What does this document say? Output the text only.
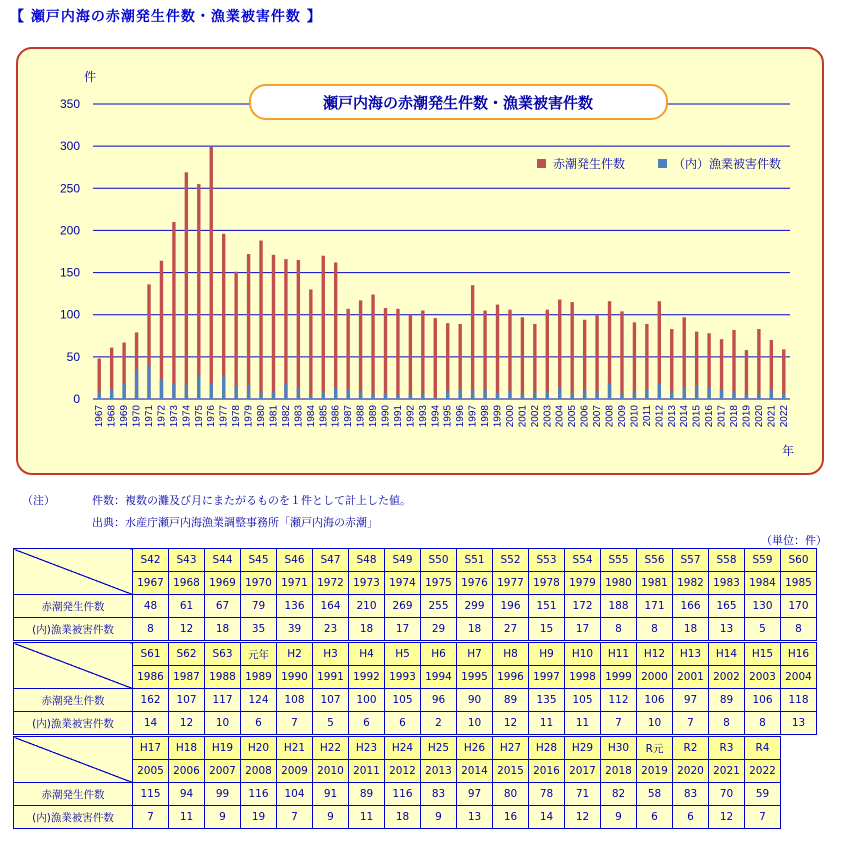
【 瀬戸内海の赤潮発生件数・漁業被害件数 】
件
0
50
100
150
200
250
300
350
1967 1968 1969 1970 1971 1972 1973 1974 1975 1976 1977 1978 1979 1980 1981 1982 1983 1984 1985 1986 1987 1988 1989 1990 1991 1992 1993 1994 1995 1996 1997 1998 1999 2000 2001 2002 2003 2004 2005 2006 2007 2008 2009 2010 2011 2012 2013 2014 2015 2016 2017 2018 2019 2020 2021 2022
年
瀬戸内海の赤潮発生件数・漁業被害件数
赤潮発生件数	（内）漁業被害件数
（注）	件数： 複数の灘及び月にまたがるものを１件として計上した値。
出典： 水産庁瀬戸内海漁業調整事務所「瀬戸内海の赤潮」
（単位：件）
	S42	S43	S44	S45	S46	S47	S48	S49	S50	S51	S52	S53	S54	S55	S56	S57	S58	S59	S60
	1967	1968	1969	1970	1971	1972	1973	1974	1975	1976	1977	1978	1979	1980	1981	1982	1983	1984	1985
赤潮発生件数	48	61	67	79	136	164	210	269	255	299	196	151	172	188	171	166	165	130	170
(内)漁業被害件数	8	12	18	35	39	23	18	17	29	18	27	15	17	8	8	18	13	5	8
	S61	S62	S63	元年	H2	H3	H4	H5	H6	H7	H8	H9	H10	H11	H12	H13	H14	H15	H16
	1986	1987	1988	1989	1990	1991	1992	1993	1994	1995	1996	1997	1998	1999	2000	2001	2002	2003	2004
赤潮発生件数	162	107	117	124	108	107	100	105	96	90	89	135	105	112	106	97	89	106	118
(内)漁業被害件数	14	12	10	6	7	5	6	6	2	10	12	11	11	7	10	7	8	8	13
	H17	H18	H19	H20	H21	H22	H23	H24	H25	H26	H27	H28	H29	H30	R元	R2	R3	R4
	2005	2006	2007	2008	2009	2010	2011	2012	2013	2014	2015	2016	2017	2018	2019	2020	2021	2022
赤潮発生件数	115	94	99	116	104	91	89	116	83	97	80	78	71	82	58	83	70	59
(内)漁業被害件数	7	11	9	19	7	9	11	18	9	13	16	14	12	9	6	6	12	7
